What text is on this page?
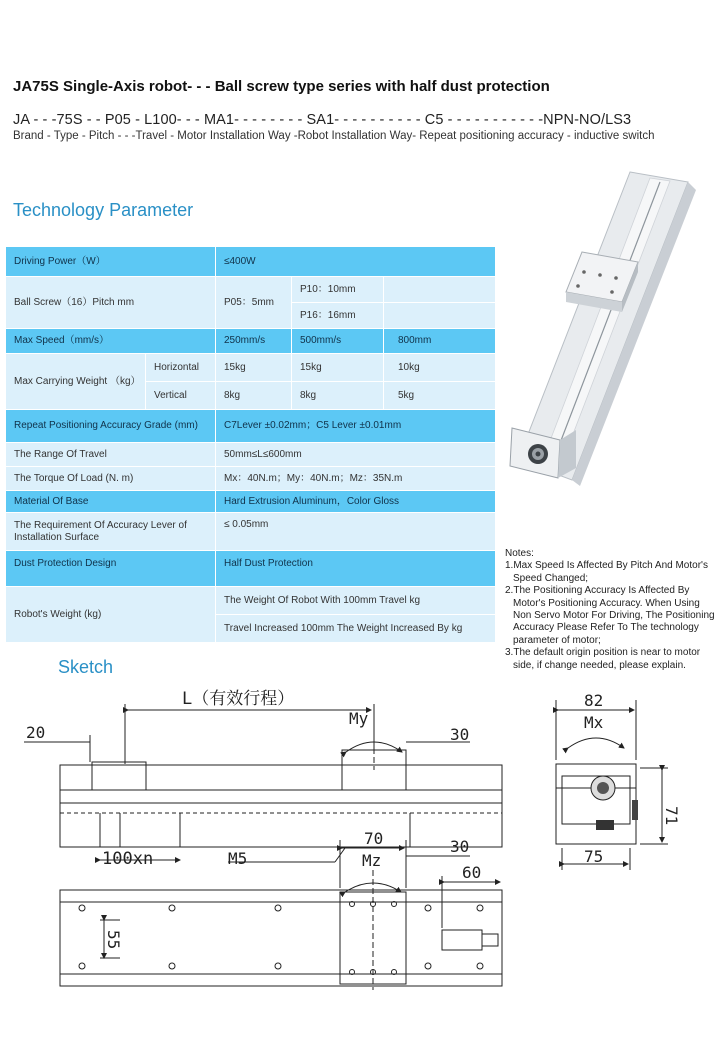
JA75S Single-Axis robot- - - Ball screw type series with half dust protection
JA - - -75S - - P05 - L100- - - MA1- - - - - - - - SA1- - - - - - - - - - C5 - - - - - - - - - - -NPN-NO/LS3
Brand - Type - Pitch - - -Travel - Motor Installation Way -Robot Installation Way- Repeat positioning accuracy - inductive switch
Technology Parameter
Driving Power（W）		≤400W		
Ball Screw（16）Pitch mm		P05：5mm	P10：10mm	
			P16：16mm	
Max Speed（mm/s）		250mm/s	500mm/s	800mm
Max Carrying Weight （kg）	Horizontal	15kg	15kg	10kg
	Vertical	8kg	8kg	5kg
Repeat Positioning Accuracy Grade (mm)		C7Lever ±0.02mm；C5 Lever ±0.01mm		
The Range Of Travel		50mm≤L≤600mm		
The Torque Of Load (N. m)		Mx：40N.m；My：40N.m；Mz：35N.m		
Material Of Base		Hard Extrusion Aluminum，Color Gloss		
The Requirement Of Accuracy Lever of Installation Surface		≤ 0.05mm		
Dust Protection Design		Half Dust Protection		
Robot's Weight (kg)		The Weight Of Robot With 100mm Travel kg		
		Travel Increased 100mm The Weight Increased By kg		
Notes:
1.Max Speed Is Affected By Pitch And Motor's Speed Changed;
2.The Positioning Accuracy Is Affected By Motor's Positioning Accuracy. When Using Non Servo Motor For Driving, The Positioning Accuracy Please Refer To The technology parameter of motor;
3.The default origin position is near to motor side, if change needed, please explain.
Sketch
L（有效行程）
20
My
30
100xn	M5
82
Mx
71
75
70
Mz
30
60
55
